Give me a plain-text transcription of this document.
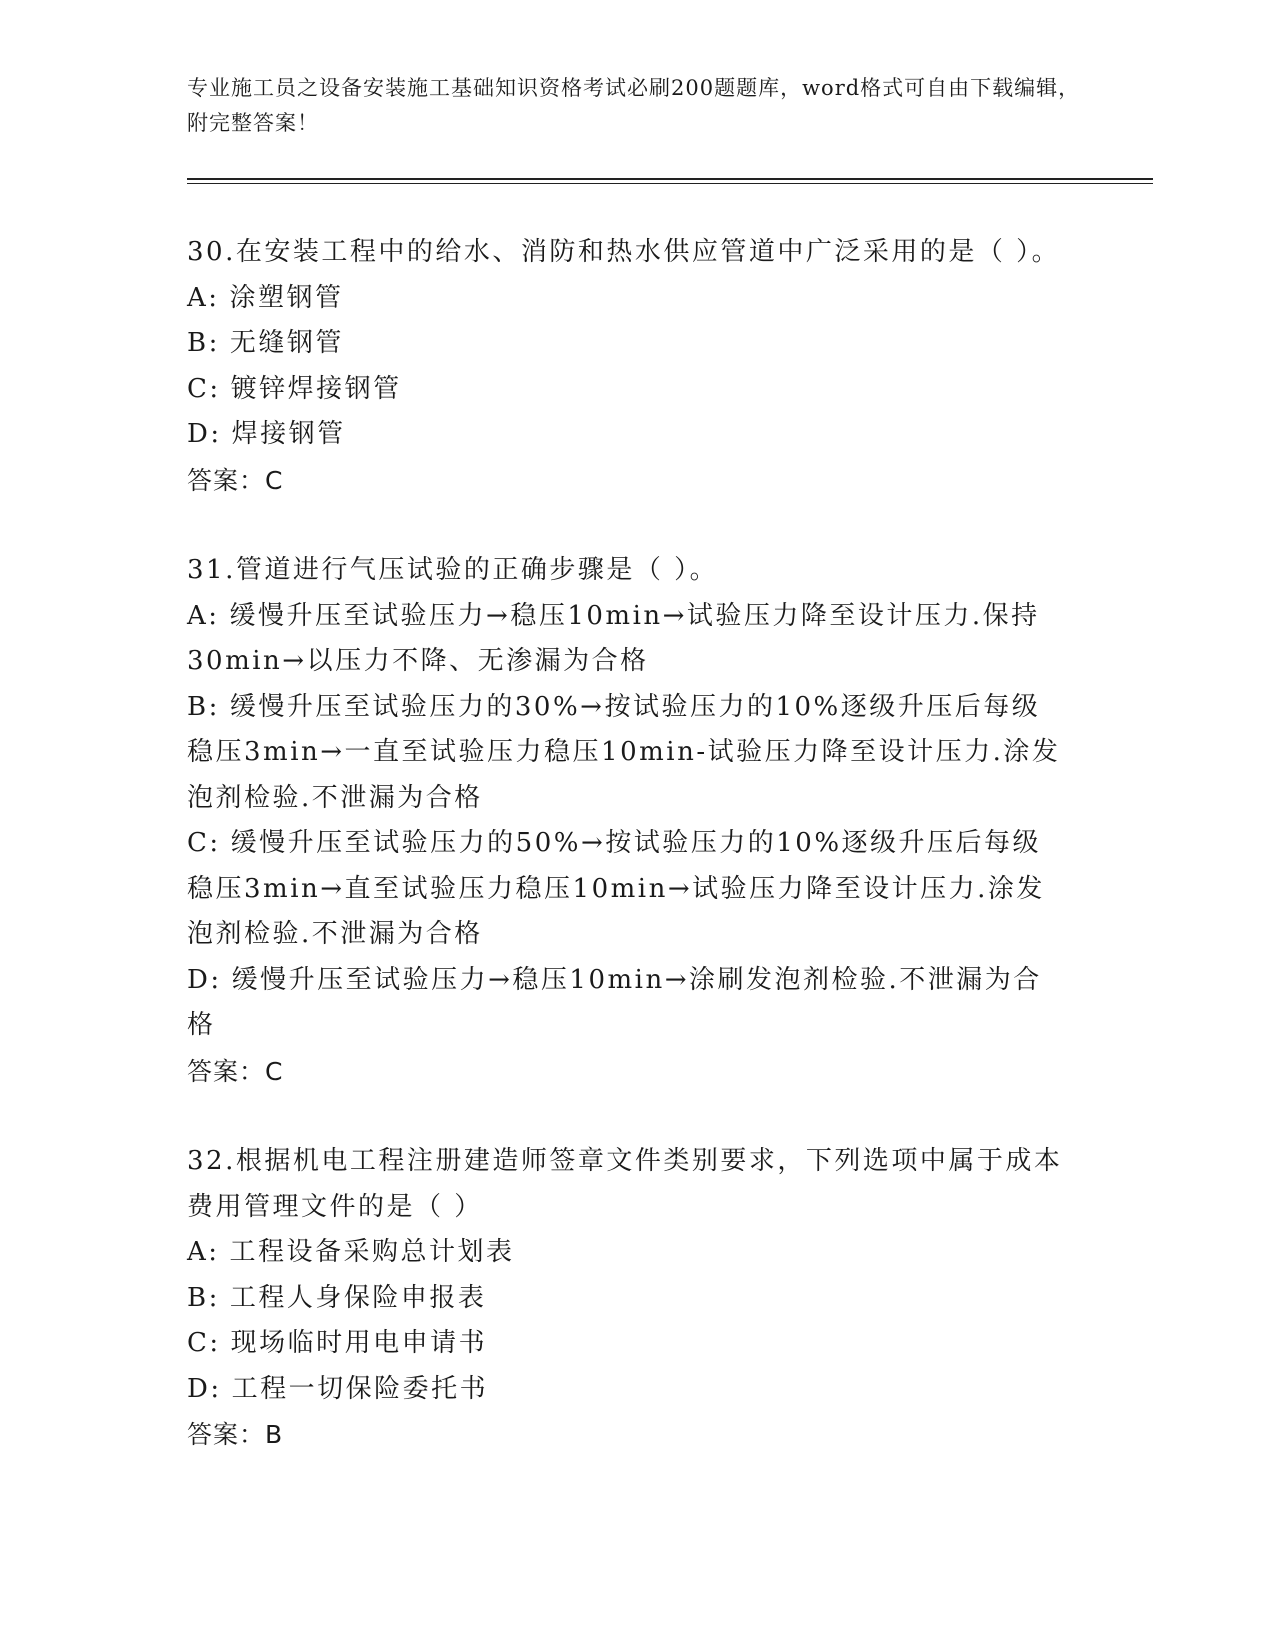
专业施工员之设备安装施工基础知识资格考试必刷200题题库，word格式可自由下载编辑，附完整答案！

30.在安装工程中的给水、消防和热水供应管道中广泛采用的是（ ）。

A: 涂塑钢管

B: 无缝钢管

C: 镀锌焊接钢管

D: 焊接钢管

答案：C

31.管道进行气压试验的正确步骤是（ ）。

A: 缓慢升压至试验压力→稳压10min→试验压力降至设计压力.保持30min→以压力不降、无渗漏为合格

B: 缓慢升压至试验压力的30%→按试验压力的10%逐级升压后每级稳压3min→一直至试验压力稳压10min-试验压力降至设计压力.涂发泡剂检验.不泄漏为合格

C: 缓慢升压至试验压力的50%→按试验压力的10%逐级升压后每级稳压3min→直至试验压力稳压10min→试验压力降至设计压力.涂发泡剂检验.不泄漏为合格

D: 缓慢升压至试验压力→稳压10min→涂刷发泡剂检验.不泄漏为合格

答案：C

32.根据机电工程注册建造师签章文件类别要求，下列选项中属于成本费用管理文件的是（ ）

A: 工程设备采购总计划表

B: 工程人身保险申报表

C: 现场临时用电申请书

D: 工程一切保险委托书

答案：B
